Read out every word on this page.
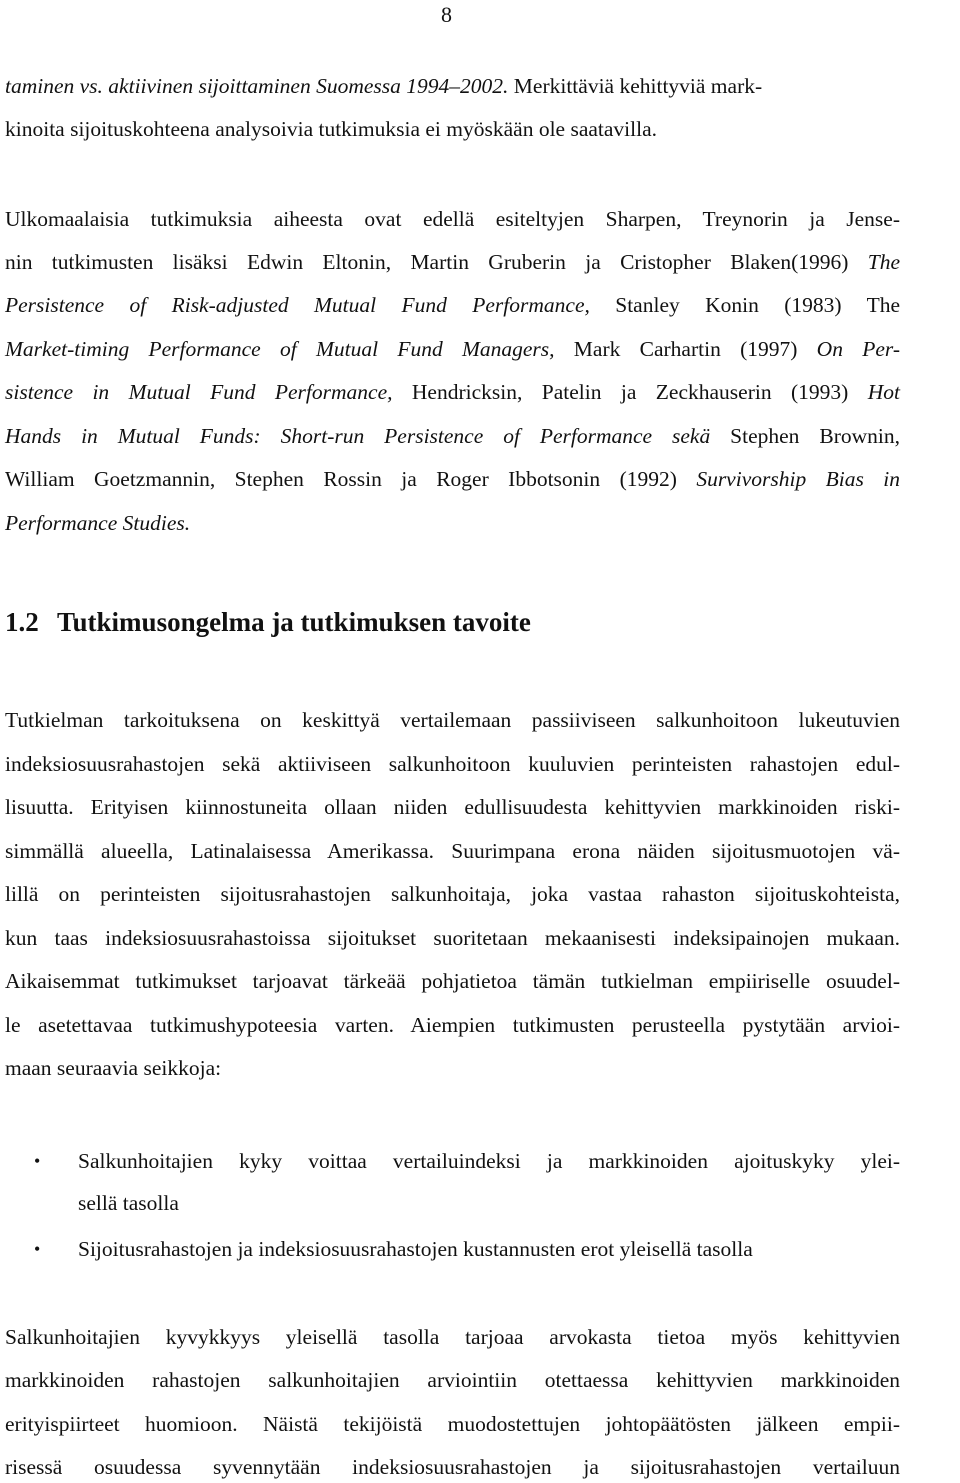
8
taminen vs. aktiivinen sijoittaminen Suomessa 1994–2002. Merkittäviä kehittyviä mark-
kinoita sijoituskohteena analysoivia tutkimuksia ei myöskään ole saatavilla.
Ulkomaalaisia tutkimuksia aiheesta ovat edellä esiteltyjen Sharpen, Treynorin ja Jense-
nin tutkimusten lisäksi Edwin Eltonin, Martin Gruberin ja Cristopher Blaken(1996) The
Persistence of Risk-adjusted Mutual Fund Performance, Stanley Konin (1983) The
Market-timing Performance of Mutual Fund Managers, Mark Carhartin (1997) On Per-
sistence in Mutual Fund Performance, Hendricksin, Patelin ja Zeckhauserin (1993) Hot
Hands in Mutual Funds: Short-run Persistence of Performance sekä Stephen Brownin,
William Goetzmannin, Stephen Rossin ja Roger Ibbotsonin (1992) Survivorship Bias in
Performance Studies.
1.2 Tutkimusongelma ja tutkimuksen tavoite
Tutkielman tarkoituksena on keskittyä vertailemaan passiiviseen salkunhoitoon lukeutuvien
indeksiosuusrahastojen sekä aktiiviseen salkunhoitoon kuuluvien perinteisten rahastojen edul-
lisuutta. Erityisen kiinnostuneita ollaan niiden edullisuudesta kehittyvien markkinoiden riski-
simmällä alueella, Latinalaisessa Amerikassa. Suurimpana erona näiden sijoitusmuotojen vä-
lillä on perinteisten sijoitusrahastojen salkunhoitaja, joka vastaa rahaston sijoituskohteista,
kun taas indeksiosuusrahastoissa sijoitukset suoritetaan mekaanisesti indeksipainojen mukaan.
Aikaisemmat tutkimukset tarjoavat tärkeää pohjatietoa tämän tutkielman empiiriselle osuudel-
le asetettavaa tutkimushypoteesia varten. Aiempien tutkimusten perusteella pystytään arvioi-
maan seuraavia seikkoja:
• Salkunhoitajien kyky voittaa vertailuindeksi ja markkinoiden ajoituskyky ylei-
sellä tasolla
• Sijoitusrahastojen ja indeksiosuusrahastojen kustannusten erot yleisellä tasolla
Salkunhoitajien kyvykkyys yleisellä tasolla tarjoaa arvokasta tietoa myös kehittyvien
markkinoiden rahastojen salkunhoitajien arviointiin otettaessa kehittyvien markkinoiden
erityispiirteet huomioon. Näistä tekijöistä muodostettujen johtopäätösten jälkeen empii-
risessä osuudessa syvennytään indeksiosuusrahastojen ja sijoitusrahastojen vertailuun
